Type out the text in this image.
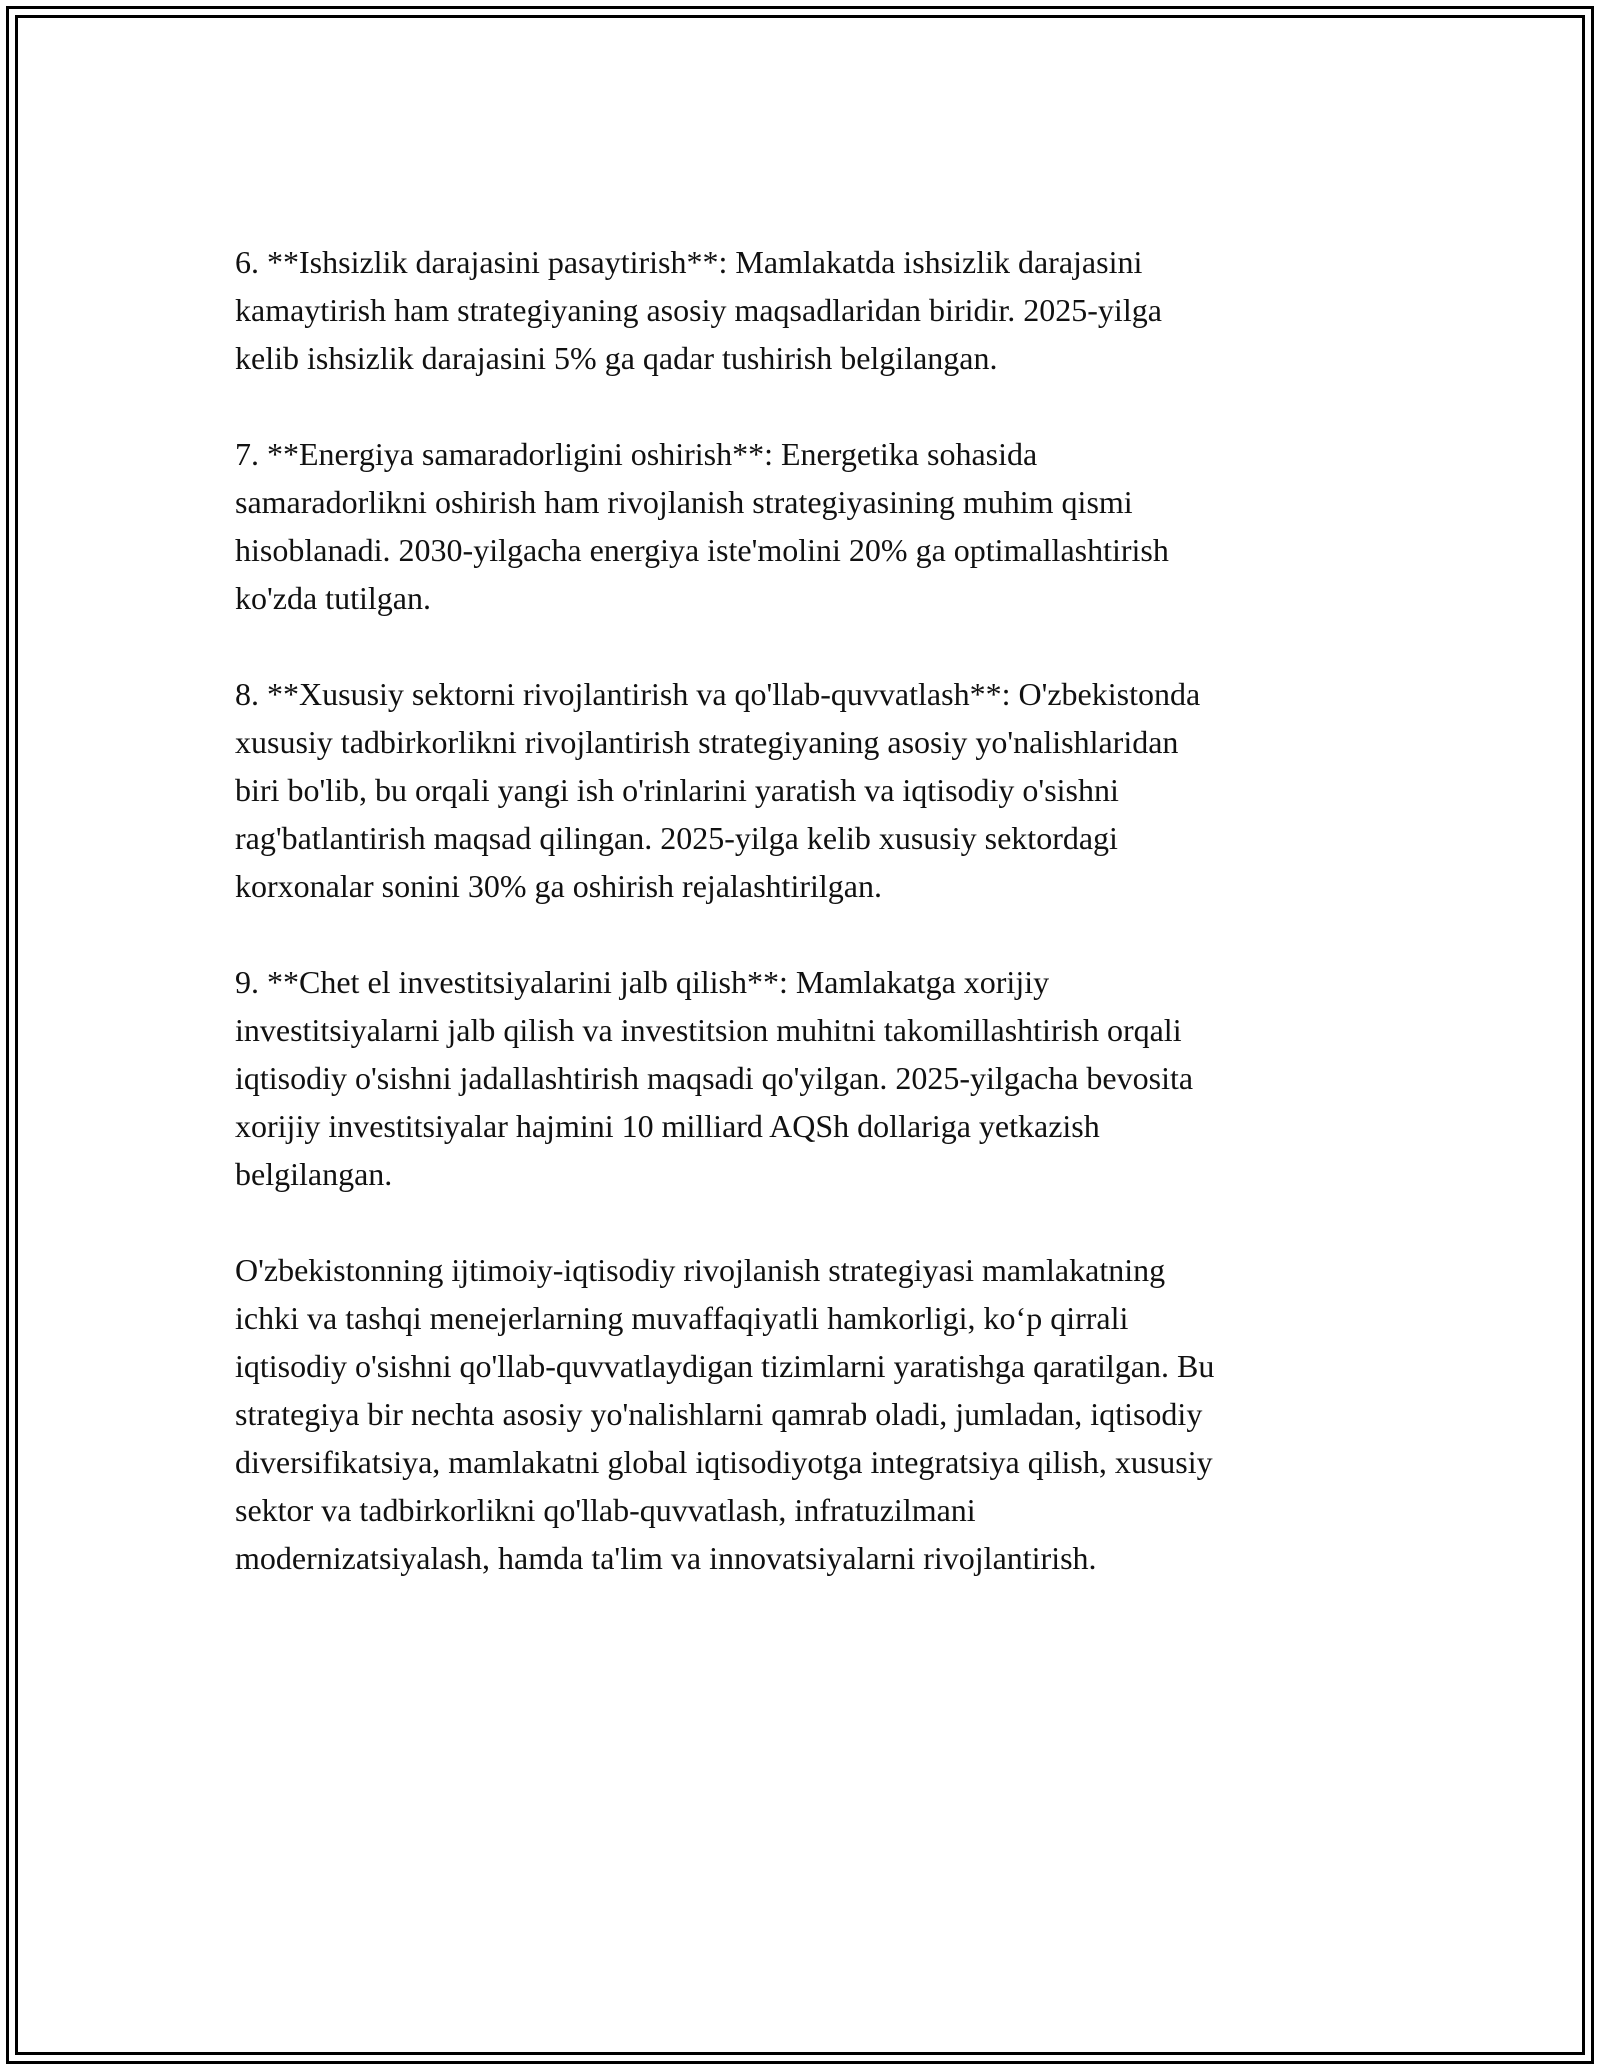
6. **Ishsizlik darajasini pasaytirish**: Mamlakatda ishsizlik darajasini
kamaytirish ham strategiyaning asosiy maqsadlaridan biridir. 2025-yilga
kelib ishsizlik darajasini 5% ga qadar tushirish belgilangan.

7. **Energiya samaradorligini oshirish**: Energetika sohasida
samaradorlikni oshirish ham rivojlanish strategiyasining muhim qismi
hisoblanadi. 2030-yilgacha energiya iste'molini 20% ga optimallashtirish
ko'zda tutilgan.

8. **Xususiy sektorni rivojlantirish va qo'llab-quvvatlash**: O'zbekistonda
xususiy tadbirkorlikni rivojlantirish strategiyaning asosiy yo'nalishlaridan
biri bo'lib, bu orqali yangi ish o'rinlarini yaratish va iqtisodiy o'sishni
rag'batlantirish maqsad qilingan. 2025-yilga kelib xususiy sektordagi
korxonalar sonini 30% ga oshirish rejalashtirilgan.

9. **Chet el investitsiyalarini jalb qilish**: Mamlakatga xorijiy
investitsiyalarni jalb qilish va investitsion muhitni takomillashtirish orqali
iqtisodiy o'sishni jadallashtirish maqsadi qo'yilgan. 2025-yilgacha bevosita
xorijiy investitsiyalar hajmini 10 milliard AQSh dollariga yetkazish
belgilangan.

O'zbekistonning ijtimoiy-iqtisodiy rivojlanish strategiyasi mamlakatning
ichki va tashqi menejerlarning muvaffaqiyatli hamkorligi, ko‘p qirrali
iqtisodiy o'sishni qo'llab-quvvatlaydigan tizimlarni yaratishga qaratilgan. Bu
strategiya bir nechta asosiy yo'nalishlarni qamrab oladi, jumladan, iqtisodiy
diversifikatsiya, mamlakatni global iqtisodiyotga integratsiya qilish, xususiy
sektor va tadbirkorlikni qo'llab-quvvatlash, infratuzilmani
modernizatsiyalash, hamda ta'lim va innovatsiyalarni rivojlantirish.
